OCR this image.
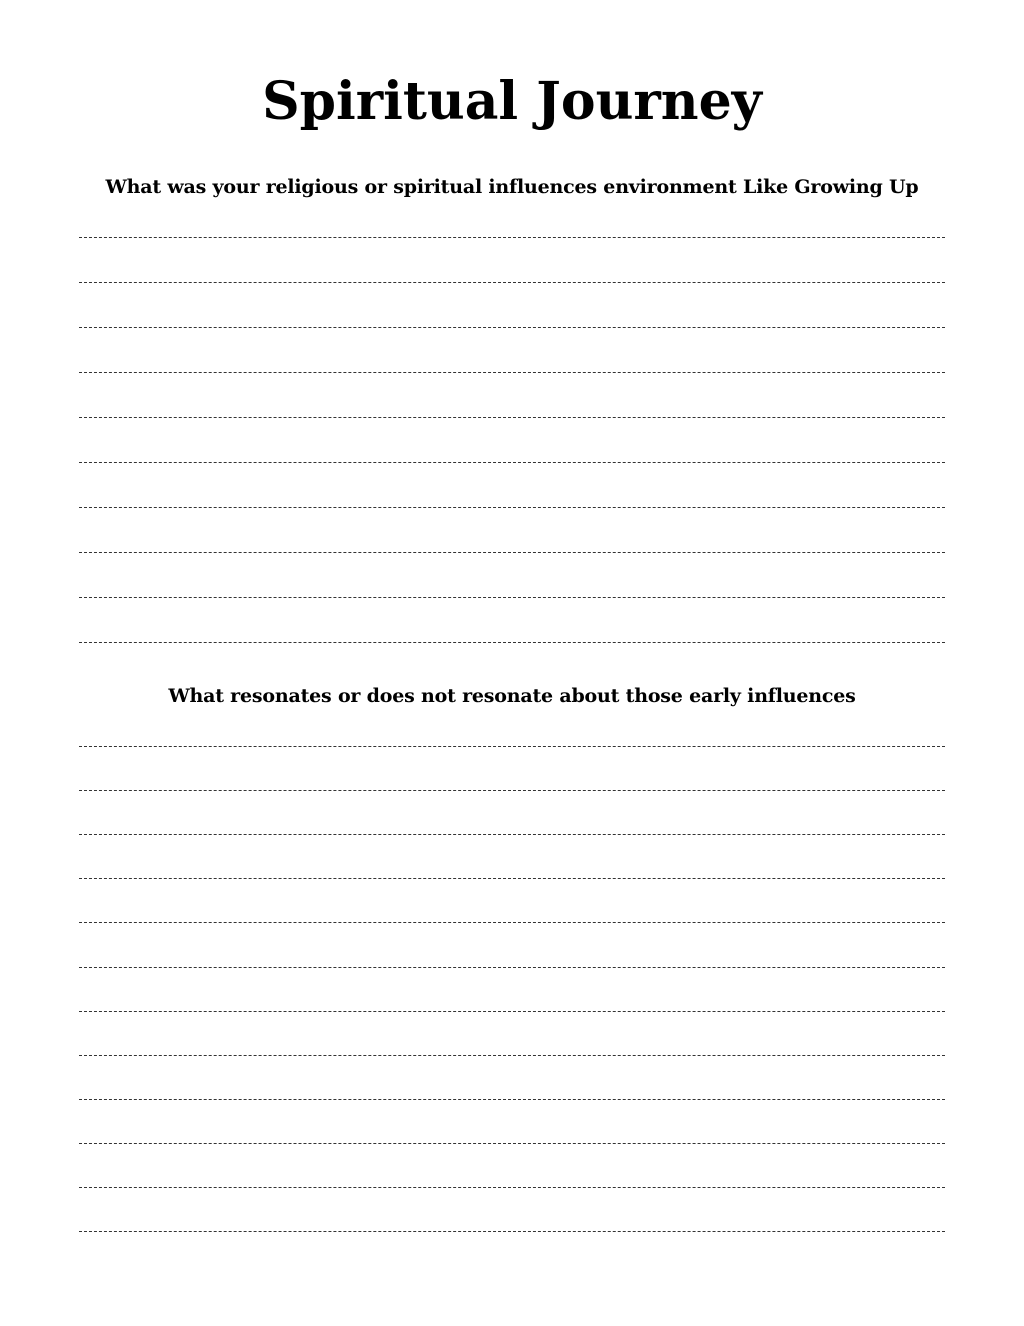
Spiritual Journey
What was your religious or spiritual influences environment Like Growing Up
What resonates or does not resonate about those early influences
